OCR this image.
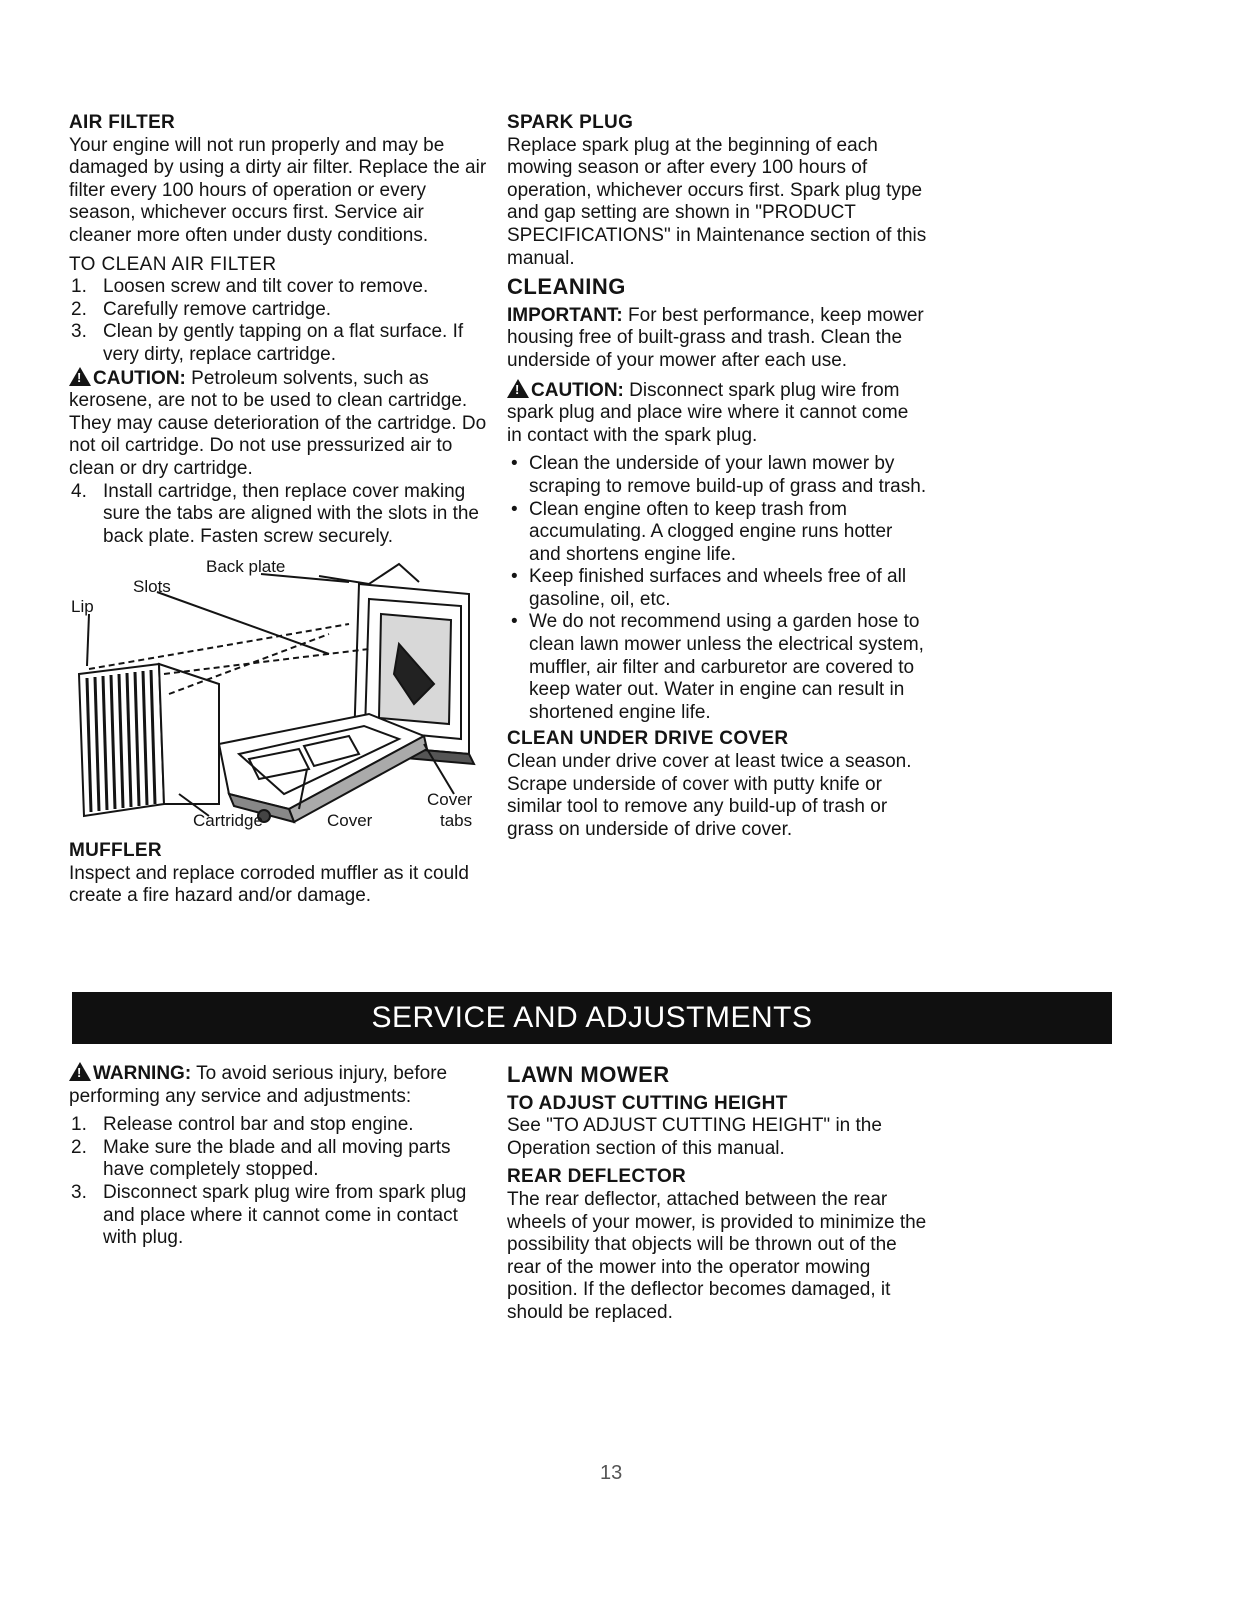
AIR FILTER

Your engine will not run properly and may be damaged by using a dirty air filter. Replace the air filter every 100 hours of operation or every season, whichever occurs first. Service air cleaner more often under dusty conditions.

TO CLEAN AIR FILTER
1. Loosen screw and tilt cover to remove.
2. Carefully remove cartridge.
3. Clean by gently tapping on a flat surface. If very dirty, replace cartridge.
!CAUTION: Petroleum solvents, such as kerosene, are not to be used to clean cartridge. They may cause deterioration of the cartridge. Do not oil cartridge. Do not use pressurized air to clean or dry cartridge.
4. Install cartridge, then replace cover making sure the tabs are aligned with the slots in the back plate. Fasten screw securely.
Back plate
Slots
Lip
Cartridge	Cover
Cover
tabs
MUFFLER

Inspect and replace corroded muffler as it could create a fire hazard and/or damage.

SPARK PLUG

Replace spark plug at the beginning of each mowing season or after every 100 hours of operation, whichever occurs first. Spark plug type and gap setting are shown in "PRODUCT SPECIFICATIONS" in Maintenance section of this manual.

CLEANING

IMPORTANT: For best performance, keep mower housing free of built-grass and trash. Clean the underside of your mower after each use.

!CAUTION: Disconnect spark plug wire from spark plug and place wire where it cannot come in contact with the spark plug.

• Clean the underside of your lawn mower by scraping to remove build-up of grass and trash.
• Clean engine often to keep trash from accumulating. A clogged engine runs hotter and shortens engine life.
• Keep finished surfaces and wheels free of all gasoline, oil, etc.
• We do not recommend using a garden hose to clean lawn mower unless the electrical system, muffler, air filter and carburetor are covered to keep water out. Water in engine can result in shortened engine life.
CLEAN UNDER DRIVE COVER

Clean under drive cover at least twice a season. Scrape underside of cover with putty knife or similar tool to remove any build-up of trash or grass on underside of drive cover.

SERVICE AND ADJUSTMENTS

!WARNING: To avoid serious injury, before performing any service and adjustments:

1. Release control bar and stop engine.
2. Make sure the blade and all moving parts have completely stopped.
3. Disconnect spark plug wire from spark plug and place where it cannot come in contact with plug.
LAWN MOWER
TO ADJUST CUTTING HEIGHT

See "TO ADJUST CUTTING HEIGHT" in the Operation section of this manual.

REAR DEFLECTOR

The rear deflector, attached between the rear wheels of your mower, is provided to minimize the possibility that objects will be thrown out of the rear of the mower into the operator mowing position. If the deflector becomes damaged, it should be replaced.

13
